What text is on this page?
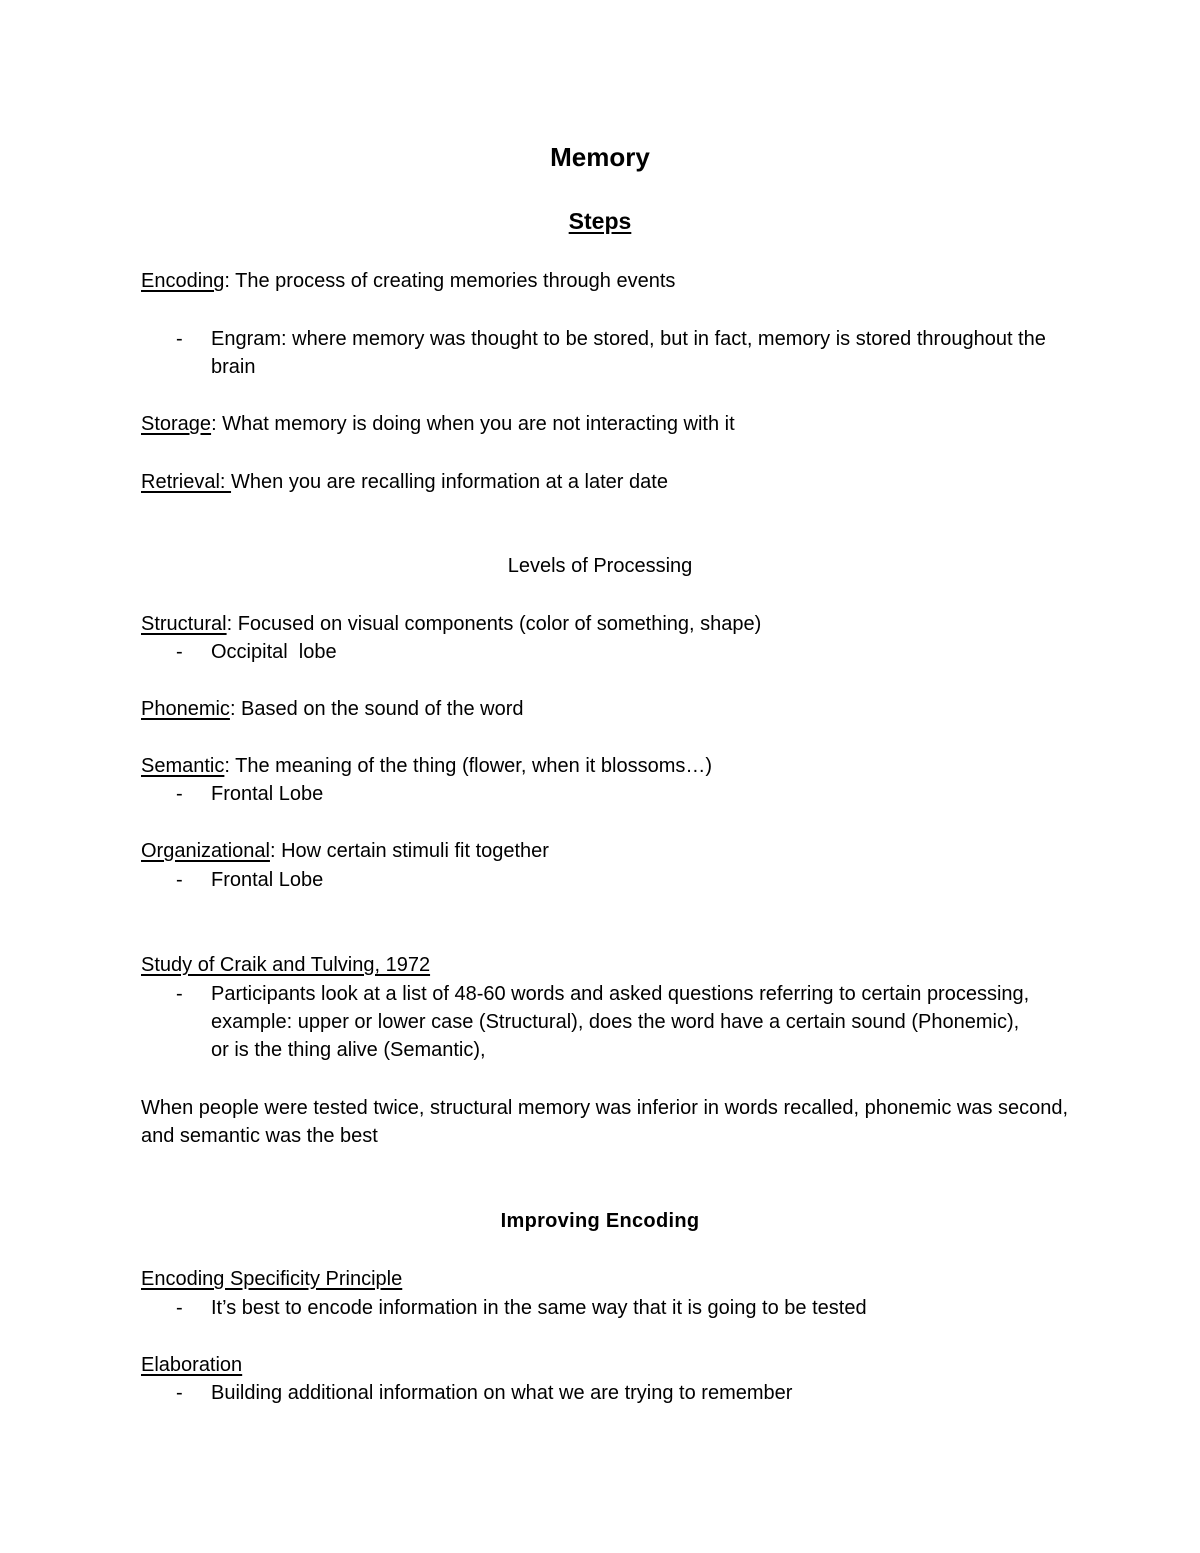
Memory
Steps
Encoding: The process of creating memories through events
- Engram: where memory was thought to be stored, but in fact, memory is stored throughout the brain
Storage: What memory is doing when you are not interacting with it
Retrieval: When you are recalling information at a later date
Levels of Processing
Structural: Focused on visual components (color of something, shape)
- Occipital  lobe
Phonemic: Based on the sound of the word
Semantic: The meaning of the thing (flower, when it blossoms…)
- Frontal Lobe
Organizational: How certain stimuli fit together
- Frontal Lobe
Study of Craik and Tulving, 1972
- Participants look at a list of 48-60 words and asked questions referring to certain processing, example: upper or lower case (Structural), does the word have a certain sound (Phonemic), or is the thing alive (Semantic),
When people were tested twice, structural memory was inferior in words recalled, phonemic was second, and semantic was the best
Improving Encoding
Encoding Specificity Principle
- It’s best to encode information in the same way that it is going to be tested
Elaboration
- Building additional information on what we are trying to remember
